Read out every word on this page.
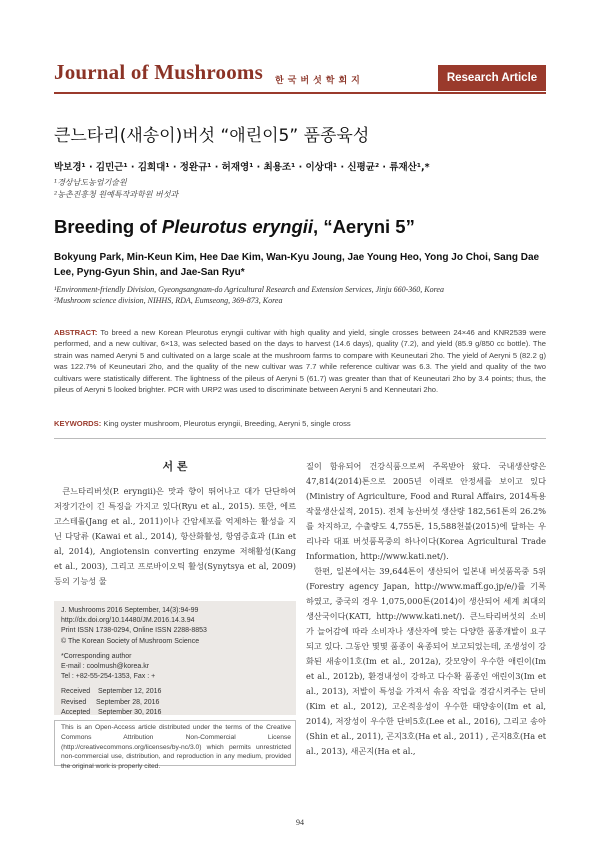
Journal of Mushrooms 한국버섯학회지	Research Article
큰느타리(새송이)버섯 “애린이5” 품종육성
박보경¹ · 김민근¹ · 김희대¹ · 정완규¹ · 허재영¹ · 최용조¹ · 이상대¹ · 신평균² · 류재산¹,*
¹경상남도농업기술원
²농촌진흥청 원예특작과학원 버섯과
Breeding of Pleurotus eryngii, “Aeryni 5”
Bokyung Park, Min-Keun Kim, Hee Dae Kim, Wan-Kyu Joung, Jae Young Heo, Yong Jo Choi, Sang Dae Lee, Pyng-Gyun Shin, and Jae-San Ryu*
¹Environment-friendly Division, Gyeongsangnam-do Agricultural Research and Extension Services, Jinju 660-360, Korea
²Mushroom science division, NIHHS, RDA, Eumseong, 369-873, Korea
ABSTRACT: To breed a new Korean Pleurotus eryngii cultivar with high quality and yield, single crosses between 24×46 and KNR2539 were performed, and a new cultivar, 6×13, was selected based on the days to harvest (14.6 days), quality (7.2), and yield (85.9 g/850 cc bottle). The strain was named Aeryni 5 and cultivated on a large scale at the mushroom farms to compare with Keuneutari 2ho. The yield of Aeryni 5 (82.2 g) was 122.7% of Keuneutari 2ho, and the quality of the new cultivar was 7.7 while reference cultivar was 6.3. The yield and quality of the two cultivars were statistically different. The lightness of the pileus of Aeryni 5 (61.7) was greater than that of Keuneutari 2ho by 3.4 points; thus, the pileus of Aeryni 5 looked brighter. PCR with URP2 was used to discriminate between Aeryni 5 and Kenneutari 2ho.
KEYWORDS: King oyster mushroom, Pleurotus eryngii, Breeding, Aeryni 5, single cross
서 론

큰느타리버섯(P. eryngii)은 맛과 향이 뛰어나고 대가 단단하여 저장기간이 긴 특징을 가지고 있다(Ryu et al., 2015). 또한, 에르고스테롤(Jang et al., 2011)이나 간암세포를 억제하는 활성을 지닌 다당류 (Kawai et al., 2014), 항산화활성, 항염증효과 (Lin et al, 2014), Angiotensin converting enzyme 저해활성(Kang et al., 2003), 그리고 프로바이오틱 활성(Synytsya et al, 2009) 등의 기능성 물

질이 함유되어 건강식품으로써 주목받아 왔다. 국내생산량은 47,814(2014)톤으로 2005년 이래로 안정세를 보이고 있다(Ministry of Agriculture, Food and Rural Affairs, 2014특용작물생산실적, 2015). 전체 농산버섯 생산량 182,561톤의 26.2%를 차지하고, 수출량도 4,755톤, 15,588천불(2015)에 달하는 우리나라 대표 버섯품목중의 하나이다(Korea Agricultural Trade Information, http://www.kati.net/).

한편, 일본에서는 39,644톤이 생산되어 일본내 버섯품목중 5위(Forestry agency Japan, http://www.maff.go.jp/e/)를 기록 하였고, 중국의 경우 1,075,000톤(2014)이 생산되어 세계 최대의 생산국이다(KATI, http://www.kati.net/). 큰느타리버섯의 소비가 늘어감에 따라 소비자나 생산자에 맞는 다양한 품종개발이 요구되고 있다. 그동안 몇몇 품종이 육종되어 보고되었는데, 조생성이 강화된 새송이1호(Im et al., 2012a), 갓모양이 우수한 애린이(Im et al., 2012b), 환경내성이 강하고 다수확 품종인 애린이3(Im et al., 2013), 저발이 특성을 가져서 솎음 작업을 경감시켜주는 단비(Kim et al., 2012), 고온적응성이 우수한 태양송이(Im et al, 2014), 저장성이 우수한 단비5호(Lee et al., 2016), 그리고 송아 (Shin et al., 2011), 곤지3호(Ha et al., 2011) , 곤지8호(Ha et al., 2013), 새곤지(Ha et al.,

J. Mushrooms 2016 September, 14(3):94-99
http://dx.doi.org/10.14480/JM.2016.14.3.94
Print ISSN 1738-0294, Online ISSN 2288-8853
© The Korean Society of Mushroom Science
*Corresponding author
E-mail : coolmush@korea.kr
Tel : +82-55-254-1353, Fax : +
Received    September 12, 2016
Revised     September 28, 2016
Accepted    September 30, 2016
This is an Open-Access article distributed under the terms of the Creative Commons Attribution Non-Commercial License (http://creativecommons.org/licenses/by-nc/3.0) which permits unrestricted non-commercial use, distribution, and reproduction in any medium, provided the original work is properly cited.
94
